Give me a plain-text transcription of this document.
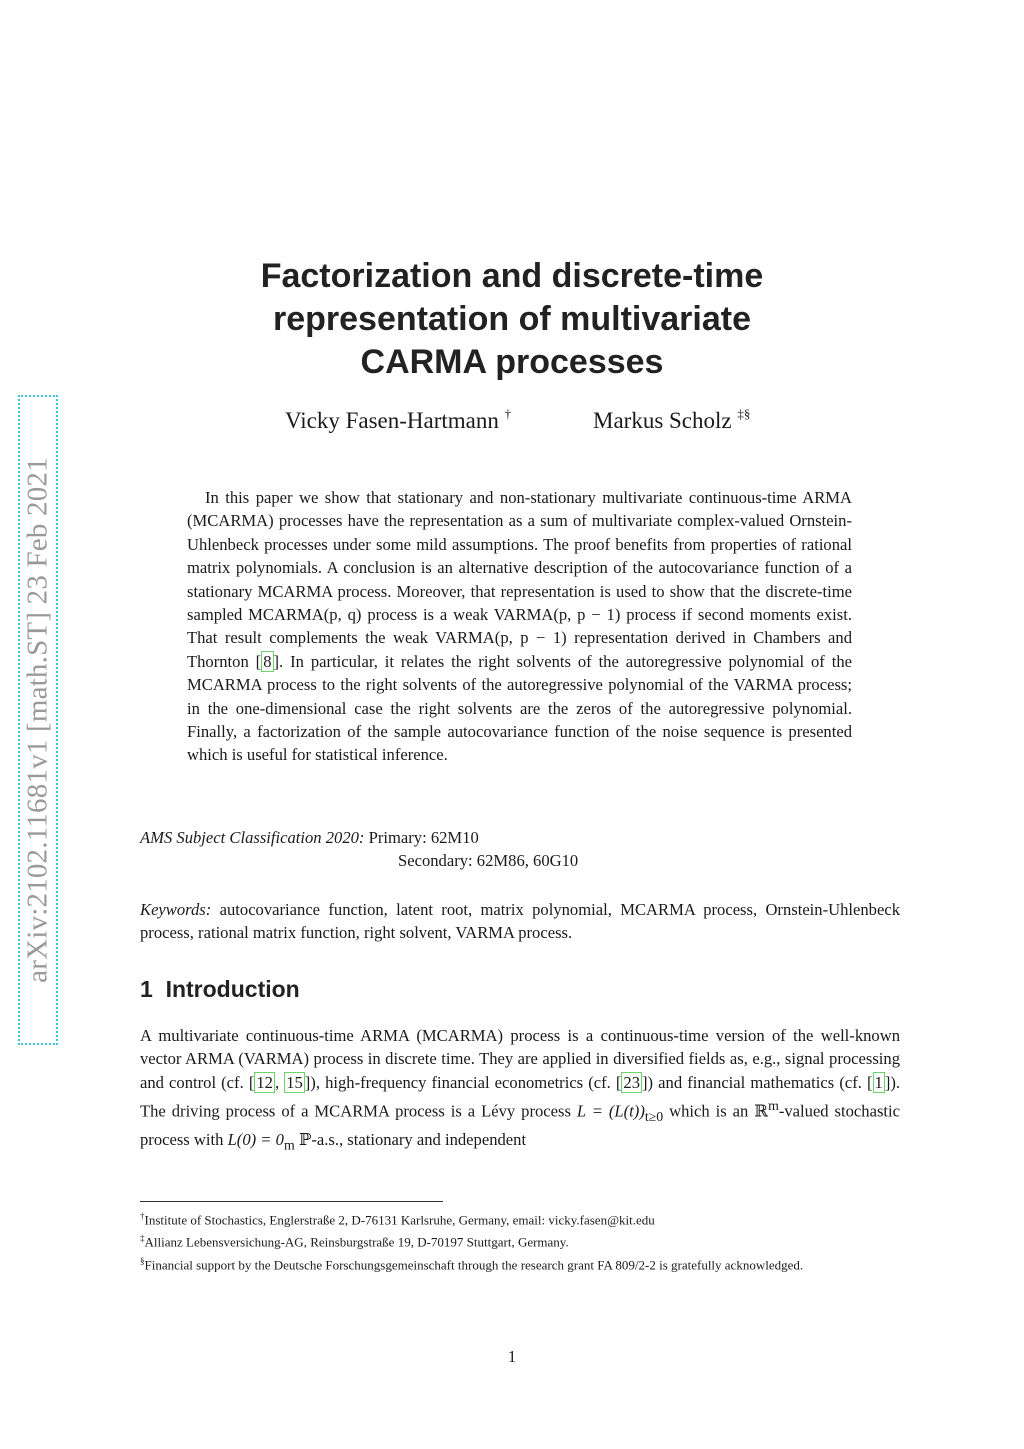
arXiv:2102.11681v1 [math.ST] 23 Feb 2021
Factorization and discrete-time
representation of multivariate
CARMA processes
Vicky Fasen-Hartmann †	Markus Scholz ‡§

In this paper we show that stationary and non-stationary multivariate continuous-time ARMA (MCARMA) processes have the representation as a sum of multivariate complex-valued Ornstein-Uhlenbeck processes under some mild assumptions. The proof benefits from properties of rational matrix polynomials. A conclusion is an alternative description of the autocovariance function of a stationary MCARMA process. Moreover, that representation is used to show that the discrete-time sampled MCARMA(p, q) process is a weak VARMA(p, p − 1) process if second moments exist. That result complements the weak VARMA(p, p − 1) representation derived in Chambers and Thornton [ 8 ]. In particular, it relates the right solvents of the autoregressive polynomial of the MCARMA process to the right solvents of the autoregressive polynomial of the VARMA process; in the one-dimensional case the right solvents are the zeros of the autoregressive polynomial. Finally, a factorization of the sample autocovariance function of the noise sequence is presented which is useful for statistical inference.

AMS Subject Classification 2020: Primary: 62M10
Secondary: 62M86, 60G10
Keywords: autocovariance function, latent root, matrix polynomial, MCARMA process, Ornstein-Uhlenbeck process, rational matrix function, right solvent, VARMA process.
1 Introduction
A multivariate continuous-time ARMA (MCARMA) process is a continuous-time version of the well-known vector ARMA (VARMA) process in discrete time. They are applied in diversified fields as, e.g., signal processing and control (cf. [ 12 , 15 ]), high-frequency financial econometrics (cf. [ 23 ]) and financial mathematics (cf. [ 1 ]). The driving process of a MCARMA process is a Lévy process $L = (L(t))_{t\ge 0}$ which is an ℝ$^m$-valued stochastic process with $L(0) = 0_m$ ℙ-a.s., stationary and independent
†Institute of Stochastics, Englerstraße 2, D-76131 Karlsruhe, Germany, email: vicky.fasen@kit.edu
‡Allianz Lebensversichung-AG, Reinsburgstraße 19, D-70197 Stuttgart, Germany.
§Financial support by the Deutsche Forschungsgemeinschaft through the research grant FA 809/2-2 is gratefully acknowledged.
1
